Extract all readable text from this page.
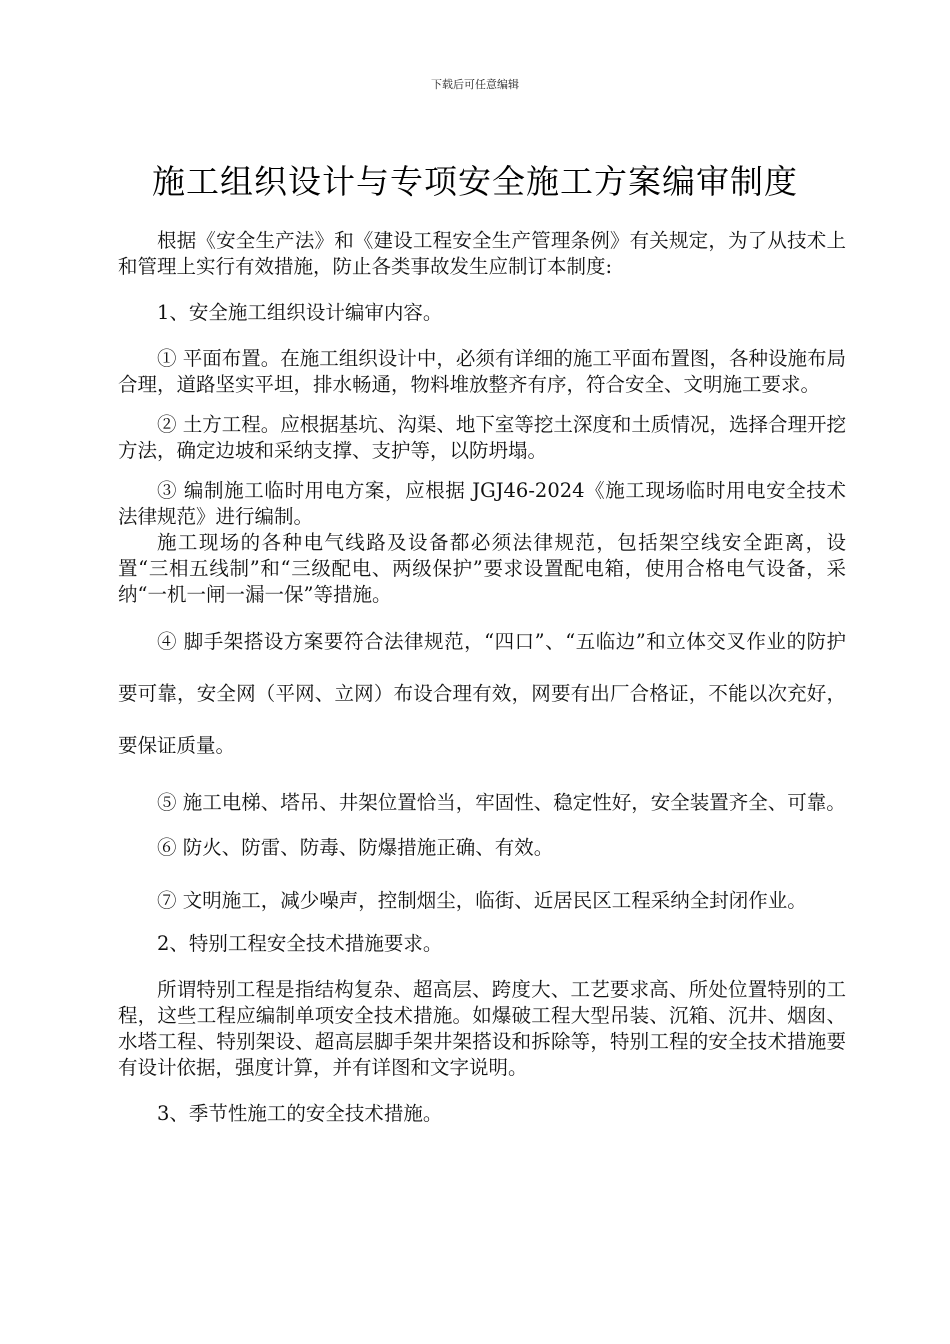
下载后可任意编辑
施工组织设计与专项安全施工方案编审制度

根据《安全生产法》和《建设工程安全生产管理条例》有关规定，为了从技术上和管理上实行有效措施，防止各类事故发生应制订本制度:

1、安全施工组织设计编审内容。

① 平面布置。在施工组织设计中，必须有详细的施工平面布置图，各种设施布局合理，道路坚实平坦，排水畅通，物料堆放整齐有序，符合安全、文明施工要求。

② 土方工程。应根据基坑、沟渠、地下室等挖土深度和土质情况，选择合理开挖方法，确定边坡和采纳支撑、支护等，以防坍塌。

③ 编制施工临时用电方案，应根据 JGJ46-2024《施工现场临时用电安全技术法律规范》进行编制。

施工现场的各种电气线路及设备都必须法律规范，包括架空线安全距离，设置“三相五线制”和“三级配电、两级保护”要求设置配电箱，使用合格电气设备，采纳“一机一闸一漏一保”等措施。

④ 脚手架搭设方案要符合法律规范，“四口”、“五临边”和立体交叉作业的防护要可靠，安全网（平网、立网）布设合理有效，网要有出厂合格证，不能以次充好，要保证质量。

⑤ 施工电梯、塔吊、井架位置恰当，牢固性、稳定性好，安全装置齐全、可靠。

⑥ 防火、防雷、防毒、防爆措施正确、有效。

⑦ 文明施工，减少噪声，控制烟尘，临街、近居民区工程采纳全封闭作业。

2、特别工程安全技术措施要求。

所谓特别工程是指结构复杂、超高层、跨度大、工艺要求高、所处位置特别的工程，这些工程应编制单项安全技术措施。如爆破工程大型吊装、沉箱、沉井、烟囱、水塔工程、特别架设、超高层脚手架井架搭设和拆除等，特别工程的安全技术措施要有设计依据，强度计算，并有详图和文字说明。

3、季节性施工的安全技术措施。
